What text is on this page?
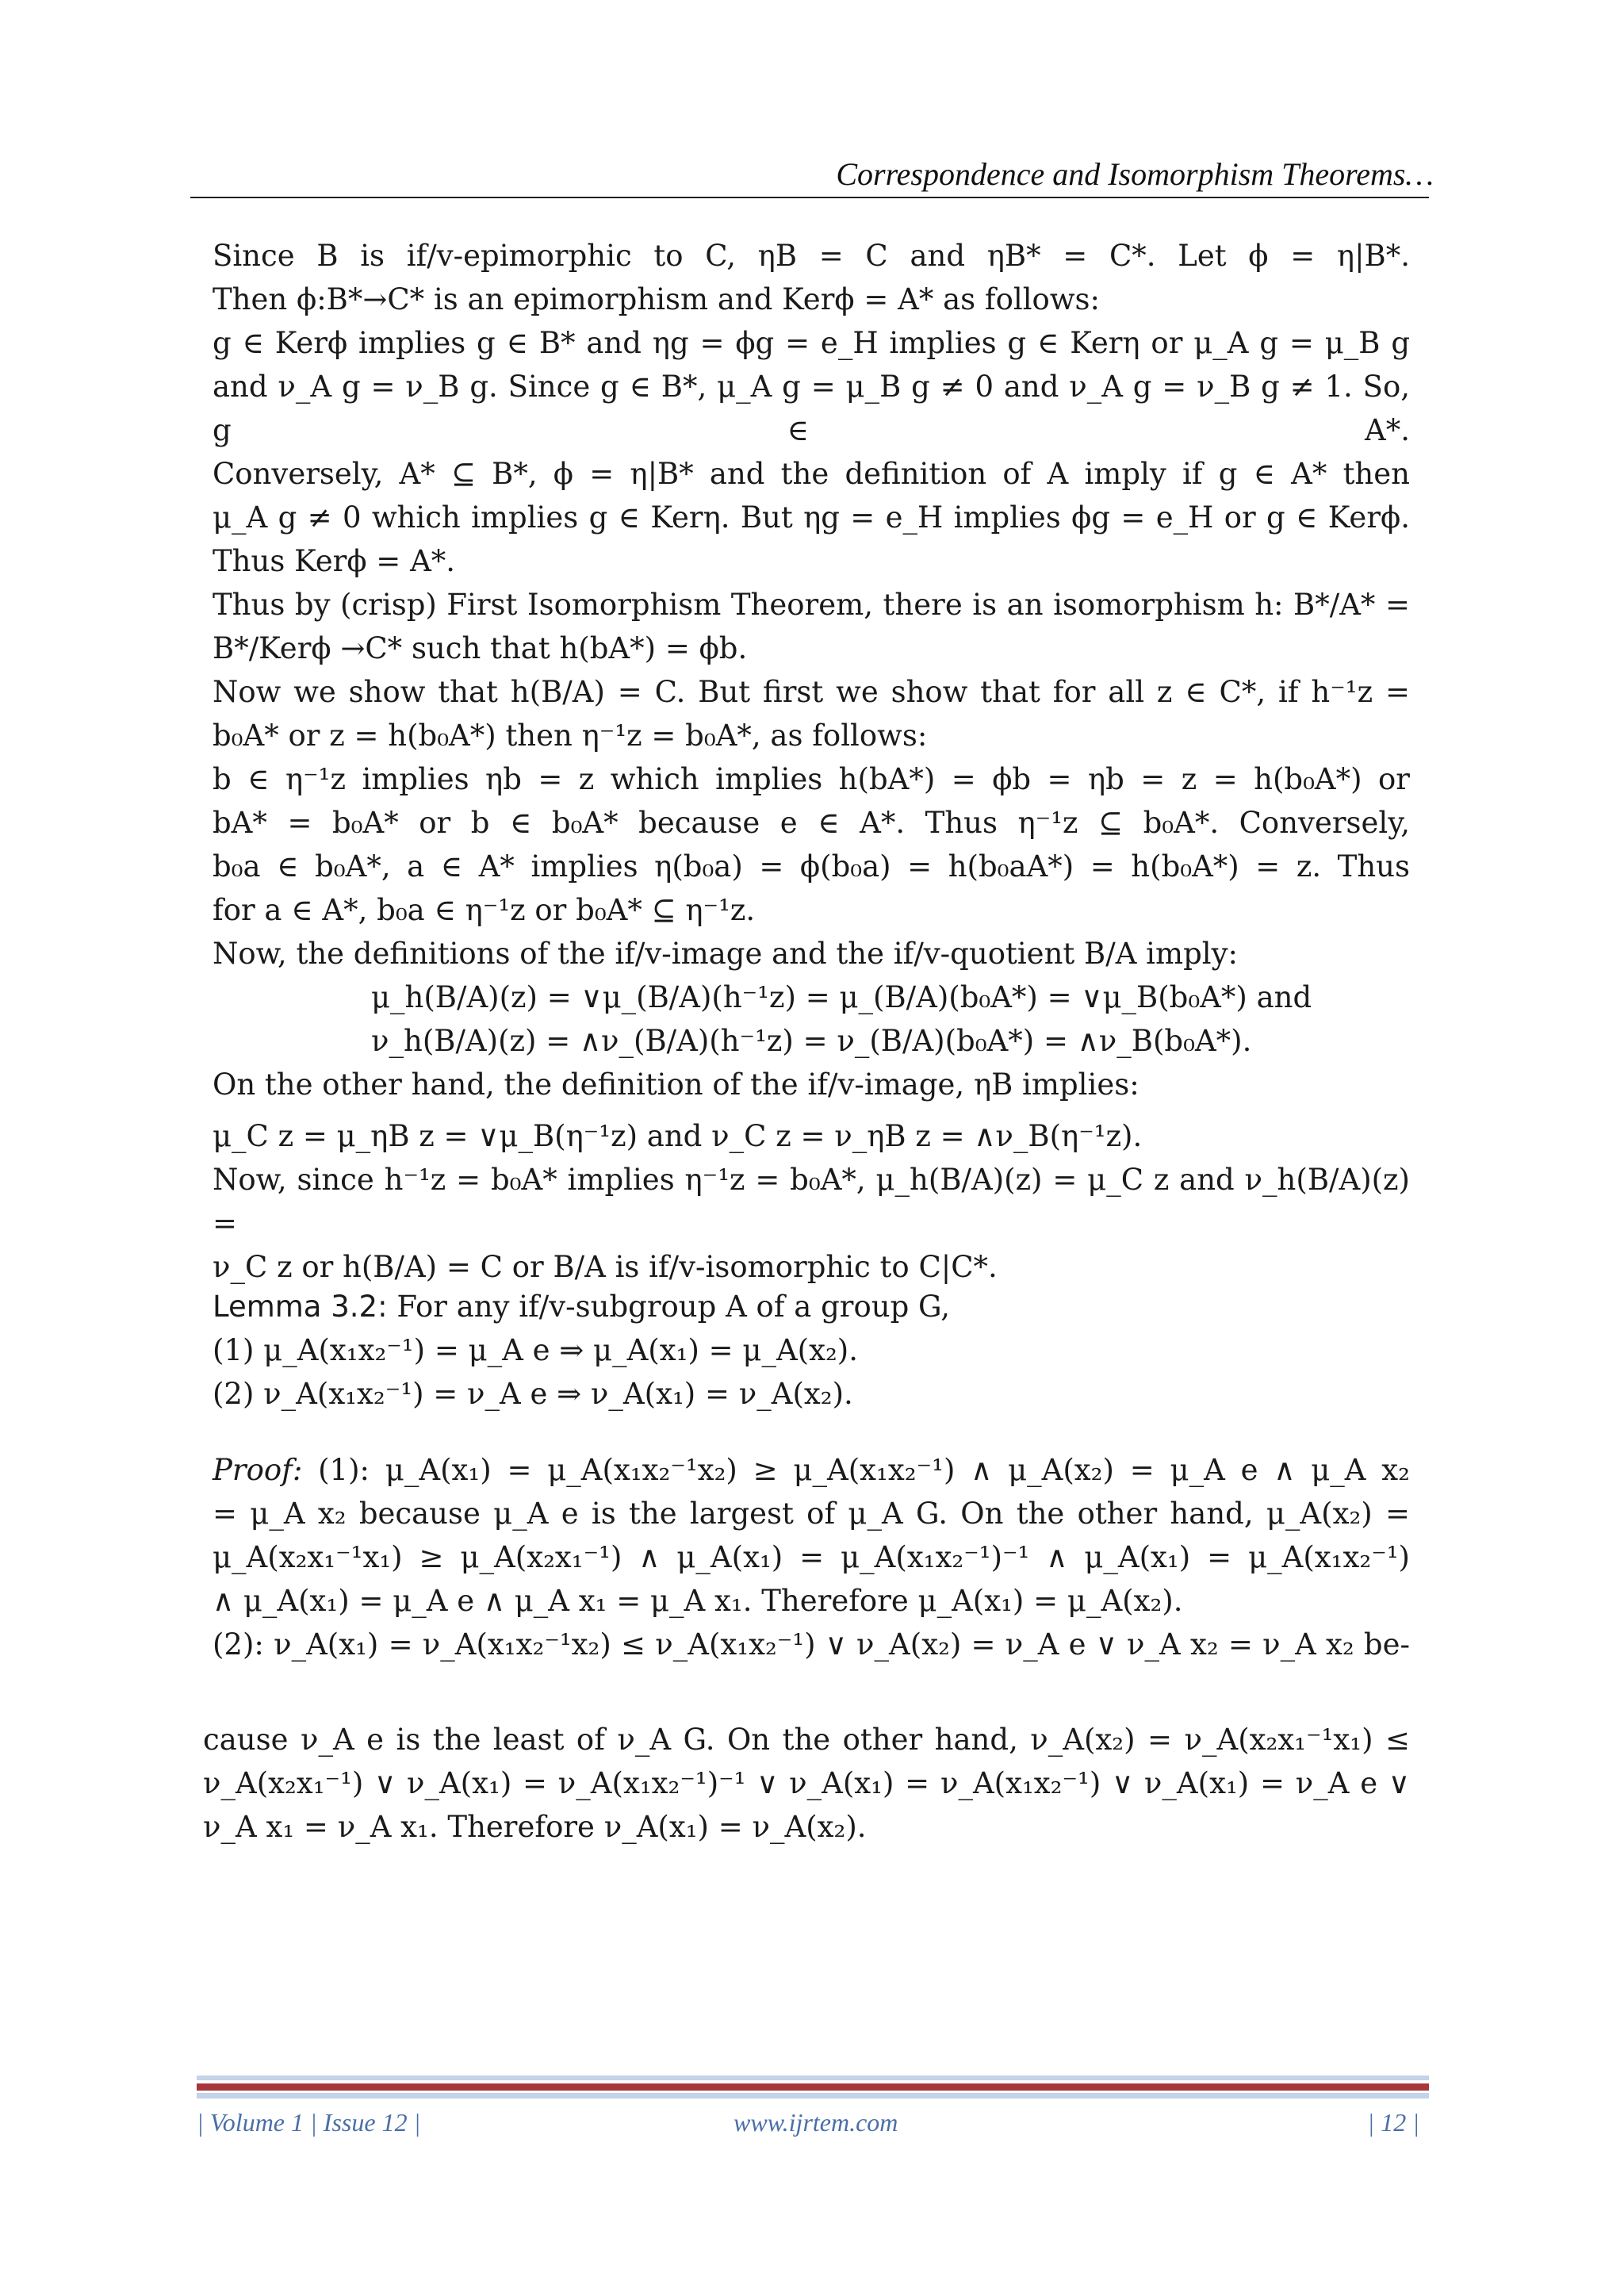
Correspondence and Isomorphism Theorems…
Since B is if/v-epimorphic to C, ηB = C and ηB* = C*. Let ϕ = η|B*.
Then ϕ:B*→C* is an epimorphism and Kerϕ = A* as follows:
g ∈ Kerϕ implies g ∈ B* and ηg = ϕg = e_H implies g ∈ Kerη or μ_A g = μ_B g
and ν_A g = ν_B g. Since g ∈ B*, μ_A g = μ_B g ≠ 0 and ν_A g = ν_B g ≠ 1. So, g ∈ A*.
Conversely, A* ⊆ B*, ϕ = η|B* and the definition of A imply if g ∈ A* then
μ_A g ≠ 0 which implies g ∈ Kerη. But ηg = e_H implies ϕg = e_H or g ∈ Kerϕ.
Thus Kerϕ = A*.
Thus by (crisp) First Isomorphism Theorem, there is an isomorphism h: B*/A* =
B*/Kerϕ →C* such that h(bA*) = ϕb.
Now we show that h(B/A) = C. But first we show that for all z ∈ C*, if h⁻¹z =
b₀A* or z = h(b₀A*) then η⁻¹z = b₀A*, as follows:
b ∈ η⁻¹z implies ηb = z which implies h(bA*) = ϕb = ηb = z = h(b₀A*) or
bA* = b₀A* or b ∈ b₀A* because e ∈ A*. Thus η⁻¹z ⊆ b₀A*. Conversely,
b₀a ∈ b₀A*, a ∈ A* implies η(b₀a) = ϕ(b₀a) = h(b₀aA*) = h(b₀A*) = z. Thus
for a ∈ A*, b₀a ∈ η⁻¹z or b₀A* ⊆ η⁻¹z.
Now, the definitions of the if/v-image and the if/v-quotient B/A imply:
μ_h(B/A)(z) = ∨μ_(B/A)(h⁻¹z) = μ_(B/A)(b₀A*) = ∨μ_B(b₀A*) and
ν_h(B/A)(z) = ∧ν_(B/A)(h⁻¹z) = ν_(B/A)(b₀A*) = ∧ν_B(b₀A*).
On the other hand, the definition of the if/v-image, ηB implies:
μ_C z = μ_ηB z = ∨μ_B(η⁻¹z) and ν_C z = ν_ηB z = ∧ν_B(η⁻¹z).
Now, since h⁻¹z = b₀A* implies η⁻¹z = b₀A*, μ_h(B/A)(z) = μ_C z and ν_h(B/A)(z) =
ν_C z or h(B/A) = C or B/A is if/v-isomorphic to C|C*.
Lemma 3.2: For any if/v-subgroup A of a group G,
(1) μ_A(x₁x₂⁻¹) = μ_A e ⇒ μ_A(x₁) = μ_A(x₂).
(2) ν_A(x₁x₂⁻¹) = ν_A e ⇒ ν_A(x₁) = ν_A(x₂).
Proof: (1): μ_A(x₁) = μ_A(x₁x₂⁻¹x₂) ≥ μ_A(x₁x₂⁻¹) ∧ μ_A(x₂) = μ_A e ∧ μ_A x₂
= μ_A x₂ because μ_A e is the largest of μ_A G. On the other hand, μ_A(x₂) =
μ_A(x₂x₁⁻¹x₁) ≥ μ_A(x₂x₁⁻¹) ∧ μ_A(x₁) = μ_A(x₁x₂⁻¹)⁻¹ ∧ μ_A(x₁) = μ_A(x₁x₂⁻¹)
∧ μ_A(x₁) = μ_A e ∧ μ_A x₁ = μ_A x₁. Therefore μ_A(x₁) = μ_A(x₂).
(2): ν_A(x₁) = ν_A(x₁x₂⁻¹x₂) ≤ ν_A(x₁x₂⁻¹) ∨ ν_A(x₂) = ν_A e ∨ ν_A x₂ = ν_A x₂ be-
cause ν_A e is the least of ν_A G. On the other hand, ν_A(x₂) = ν_A(x₂x₁⁻¹x₁) ≤
ν_A(x₂x₁⁻¹) ∨ ν_A(x₁) = ν_A(x₁x₂⁻¹)⁻¹ ∨ ν_A(x₁) = ν_A(x₁x₂⁻¹) ∨ ν_A(x₁) = ν_A e ∨
ν_A x₁ = ν_A x₁. Therefore ν_A(x₁) = ν_A(x₂).
| Volume 1 | Issue 12 |	www.ijrtem.com	| 12 |
